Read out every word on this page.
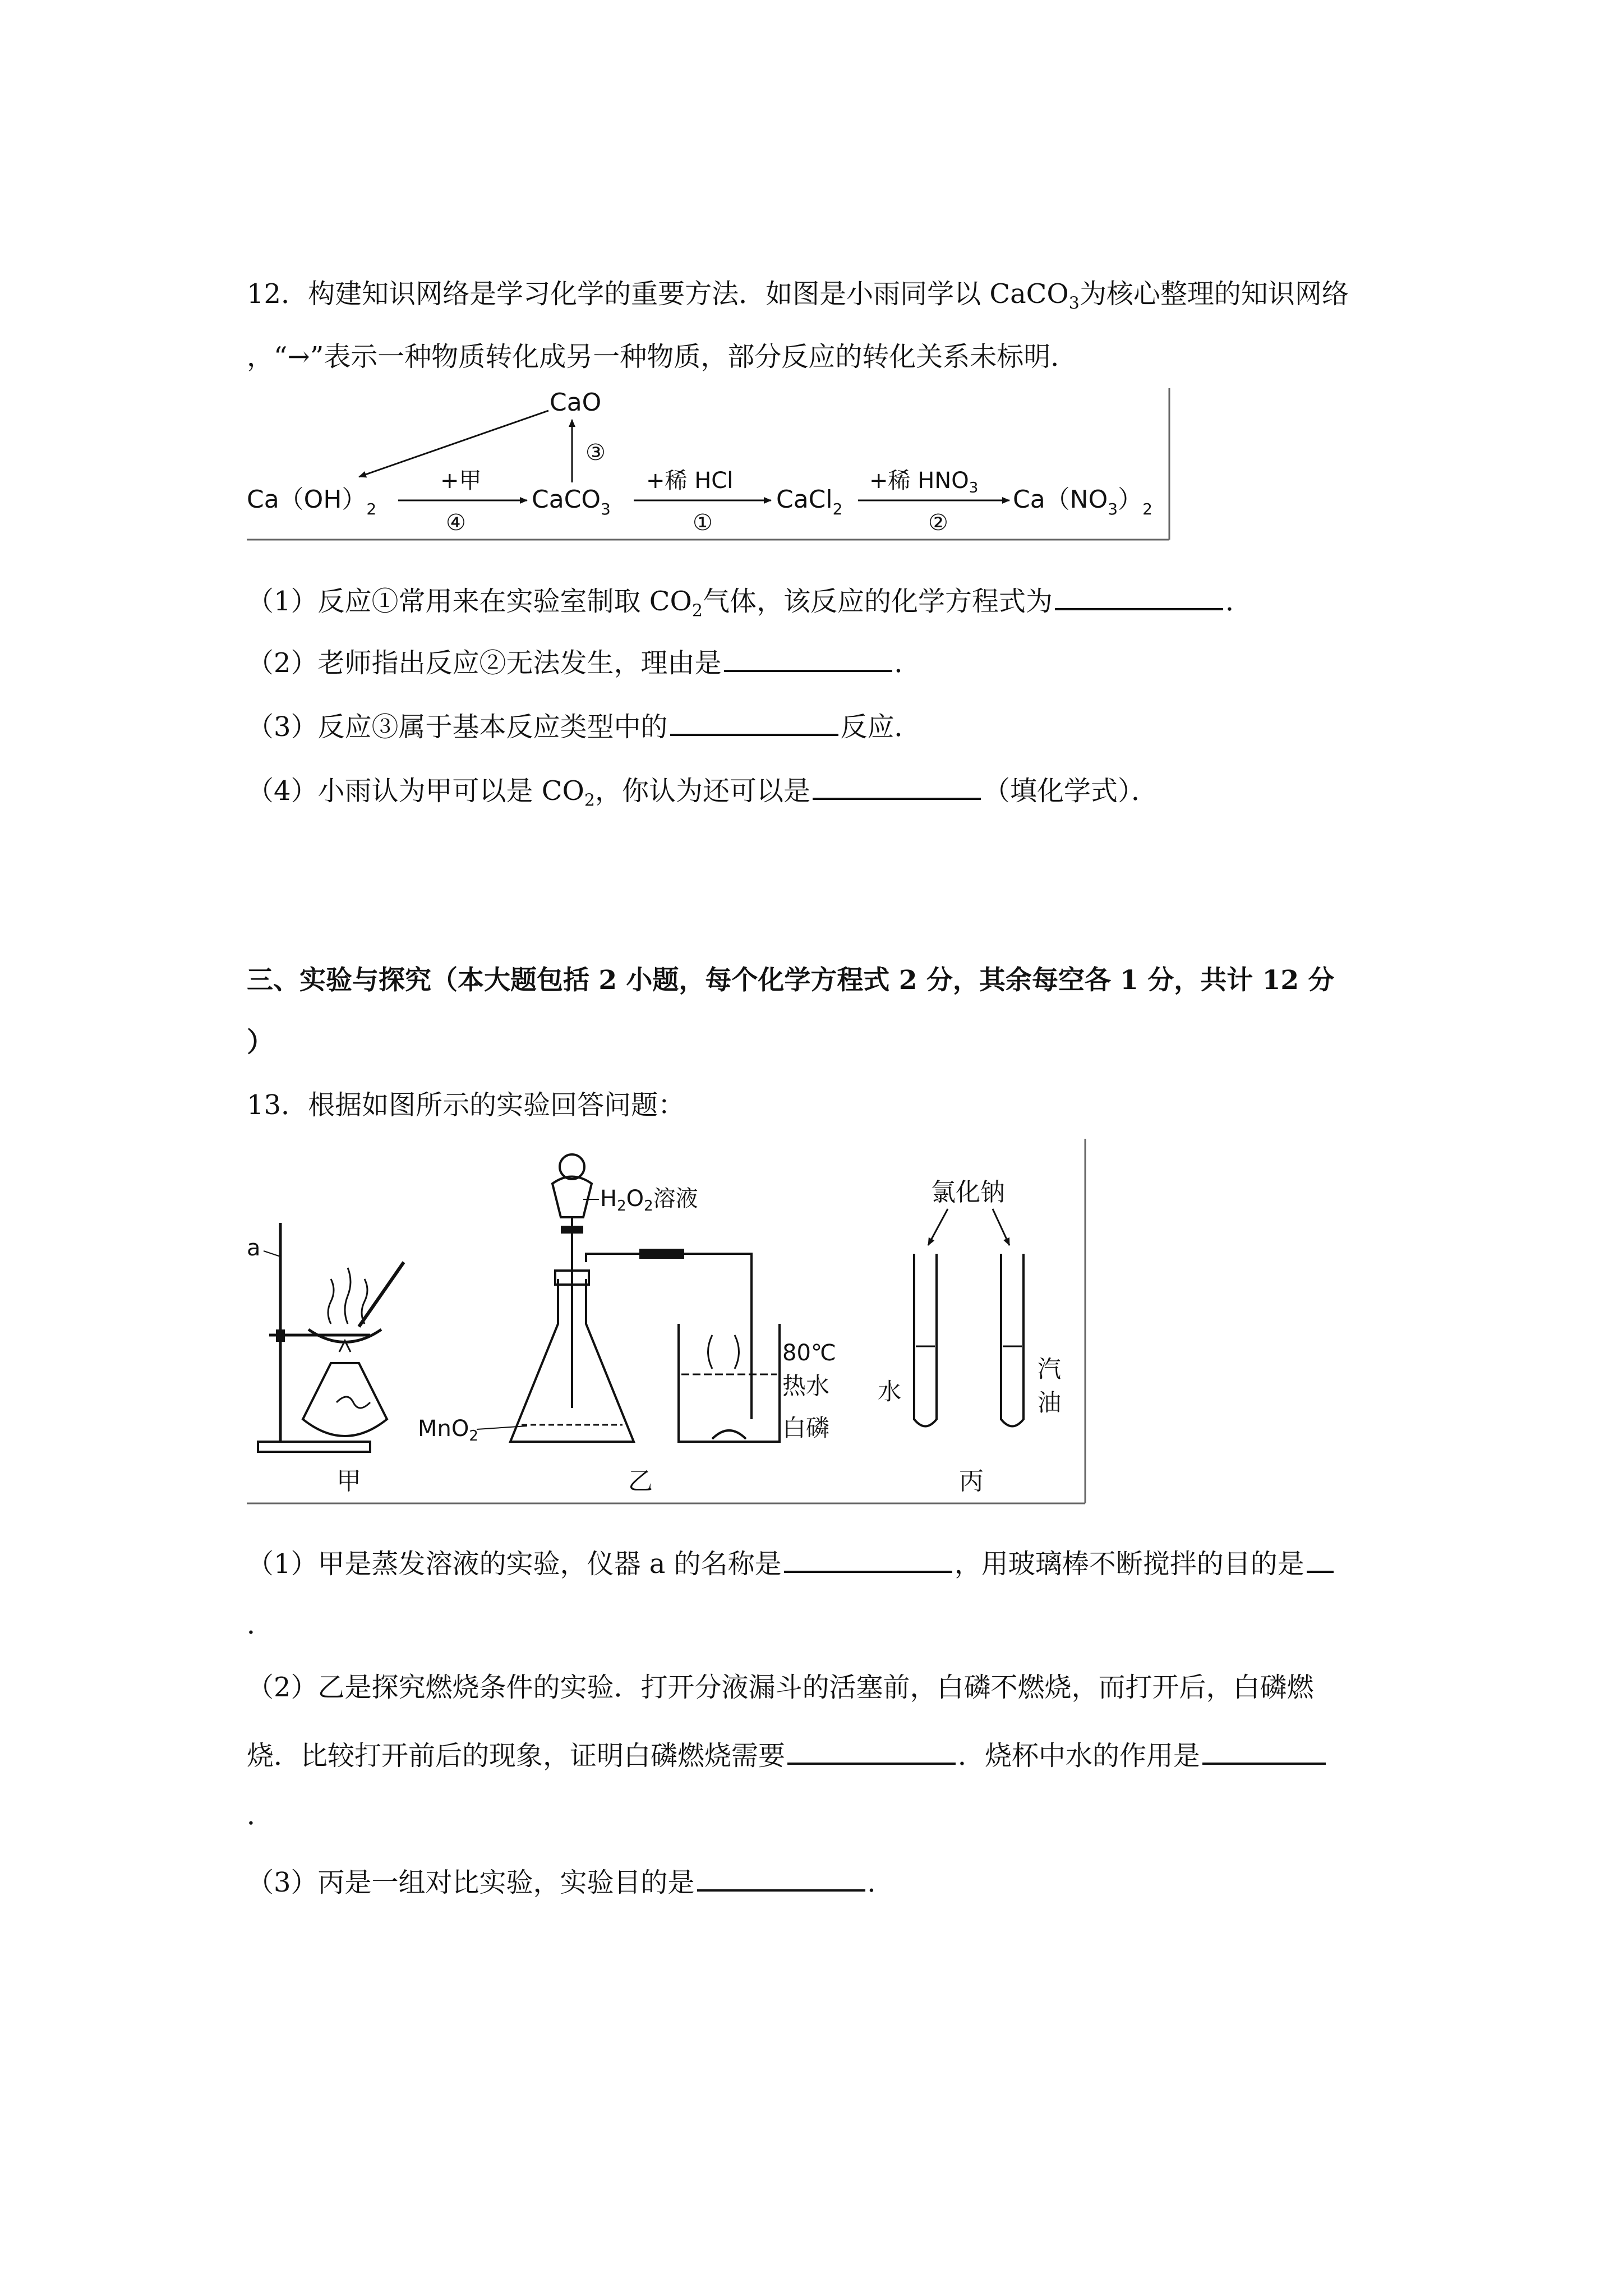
12．构建知识网络是学习化学的重要方法．如图是小雨同学以 CaCO$_3$为核心整理的知识网络
，“→”表示一种物质转化成另一种物质，部分反应的转化关系未标明．
CaO
③
$Ca(OH)_2$
+甲
④
CaCO$_3$
+稀 HCl
①
CaCl$_2$
+稀 $HNO_3$
②
$Ca(NO_3)_2$
（1）反应①常用来在实验室制取 $CO_2$气体，该反应的化学方程式为	．
（2）老师指出反应②无法发生，理由是	．
（3）反应③属于基本反应类型中的	反应．
（4）小雨认为甲可以是 $CO_2$，你认为还可以是	（填化学式）．
三、实验与探究（本大题包括 2 小题，每个化学方程式 2 分，其余每空各 1 分，共计 12 分
）
13．根据如图所示的实验回答问题：
a
甲
$H_2O_2$溶液
MnO$_2$
80℃
热水
白磷
乙
氯化钠
水
汽
油
丙
（1）甲是蒸发溶液的实验，仪器 a 的名称是	，用玻璃棒不断搅拌的目的是
．
（2）乙是探究燃烧条件的实验．打开分液漏斗的活塞前，白磷不燃烧，而打开后，白磷燃
烧．比较打开前后的现象，证明白磷燃烧需要	．烧杯中水的作用是
．
（3）丙是一组对比实验，实验目的是	．
